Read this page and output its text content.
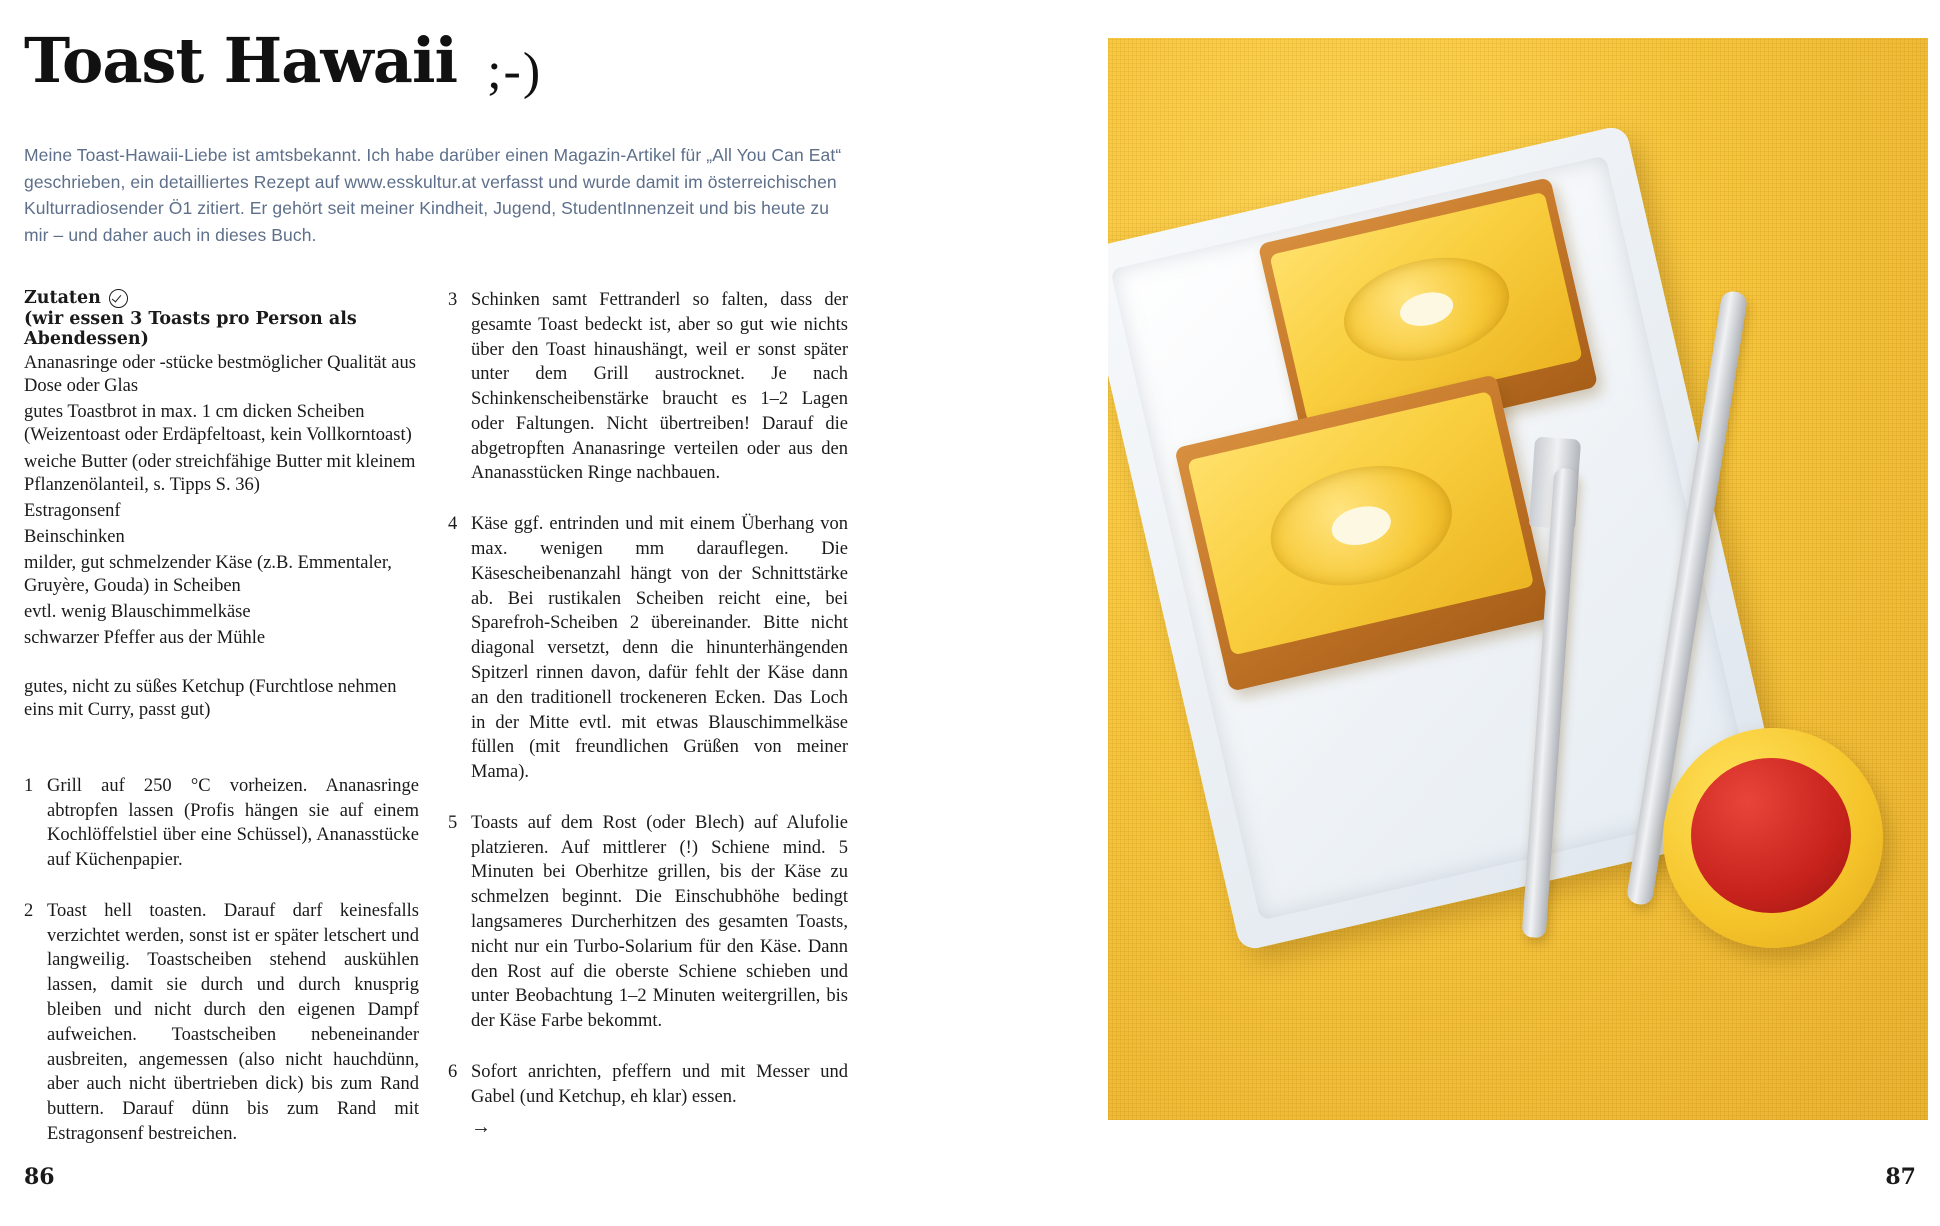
Toast Hawaii ;-)
Meine Toast-Hawaii-Liebe ist amtsbekannt. Ich habe darüber einen Magazin-Artikel für „All You Can Eat“ geschrieben, ein detailliertes Rezept auf www.esskultur.at verfasst und wurde damit im österreichischen Kulturradiosender Ö1 zitiert. Er gehört seit meiner Kindheit, Jugend, StudentInnenzeit und bis heute zu mir – und daher auch in dieses Buch.
Zutaten
(wir essen 3 Toasts pro Person als Abendessen)
Ananasringe oder -stücke bestmöglicher Qualität aus Dose oder Glas
gutes Toastbrot in max. 1 cm dicken Scheiben (Weizentoast oder Erdäpfeltoast, kein Vollkorntoast)
weiche Butter (oder streichfähige Butter mit kleinem Pflanzenölanteil, s. Tipps S. 36)
Estragonsenf
Beinschinken
milder, gut schmelzender Käse (z.B. Emmentaler, Gruyère, Gouda) in Scheiben
evtl. wenig Blauschimmelkäse
schwarzer Pfeffer aus der Mühle
gutes, nicht zu süßes Ketchup (Furchtlose nehmen eins mit Curry, passt gut)
1 Grill auf 250 °C vorheizen. Ananasringe abtropfen lassen (Profis hängen sie auf einem Kochlöffelstiel über eine Schüssel), Ananasstücke auf Küchenpapier.
2 Toast hell toasten. Darauf darf keinesfalls verzichtet werden, sonst ist er später letschert und langweilig. Toastscheiben stehend auskühlen lassen, damit sie durch und durch knusprig bleiben und nicht durch den eigenen Dampf aufweichen. Toastscheiben nebeneinander ausbreiten, angemessen (also nicht hauchdünn, aber auch nicht übertrieben dick) bis zum Rand buttern. Darauf dünn bis zum Rand mit Estragonsenf bestreichen.
3 Schinken samt Fettranderl so falten, dass der gesamte Toast bedeckt ist, aber so gut wie nichts über den Toast hinaushängt, weil er sonst später unter dem Grill austrocknet. Je nach Schinkenscheibenstärke braucht es 1–2 Lagen oder Faltungen. Nicht übertreiben! Darauf die abgetropften Ananasringe verteilen oder aus den Ananasstücken Ringe nachbauen.
4 Käse ggf. entrinden und mit einem Überhang von max. wenigen mm darauflegen. Die Käsescheibenanzahl hängt von der Schnittstärke ab. Bei rustikalen Scheiben reicht eine, bei Sparefroh-Scheiben 2 übereinander. Bitte nicht diagonal versetzt, denn die hinunterhängenden Spitzerl rinnen davon, dafür fehlt der Käse dann an den traditionell trockeneren Ecken. Das Loch in der Mitte evtl. mit etwas Blauschimmelkäse füllen (mit freundlichen Grüßen von meiner Mama).
5 Toasts auf dem Rost (oder Blech) auf Alufolie platzieren. Auf mittlerer (!) Schiene mind. 5 Minuten bei Oberhitze grillen, bis der Käse zu schmelzen beginnt. Die Einschubhöhe bedingt langsameres Durcherhitzen des gesamten Toasts, nicht nur ein Turbo-Solarium für den Käse. Dann den Rost auf die oberste Schiene schieben und unter Beobachtung 1–2 Minuten weitergrillen, bis der Käse Farbe bekommt.
6 Sofort anrichten, pfeffern und mit Messer und Gabel (und Ketchup, eh klar) essen.
→
86	87
